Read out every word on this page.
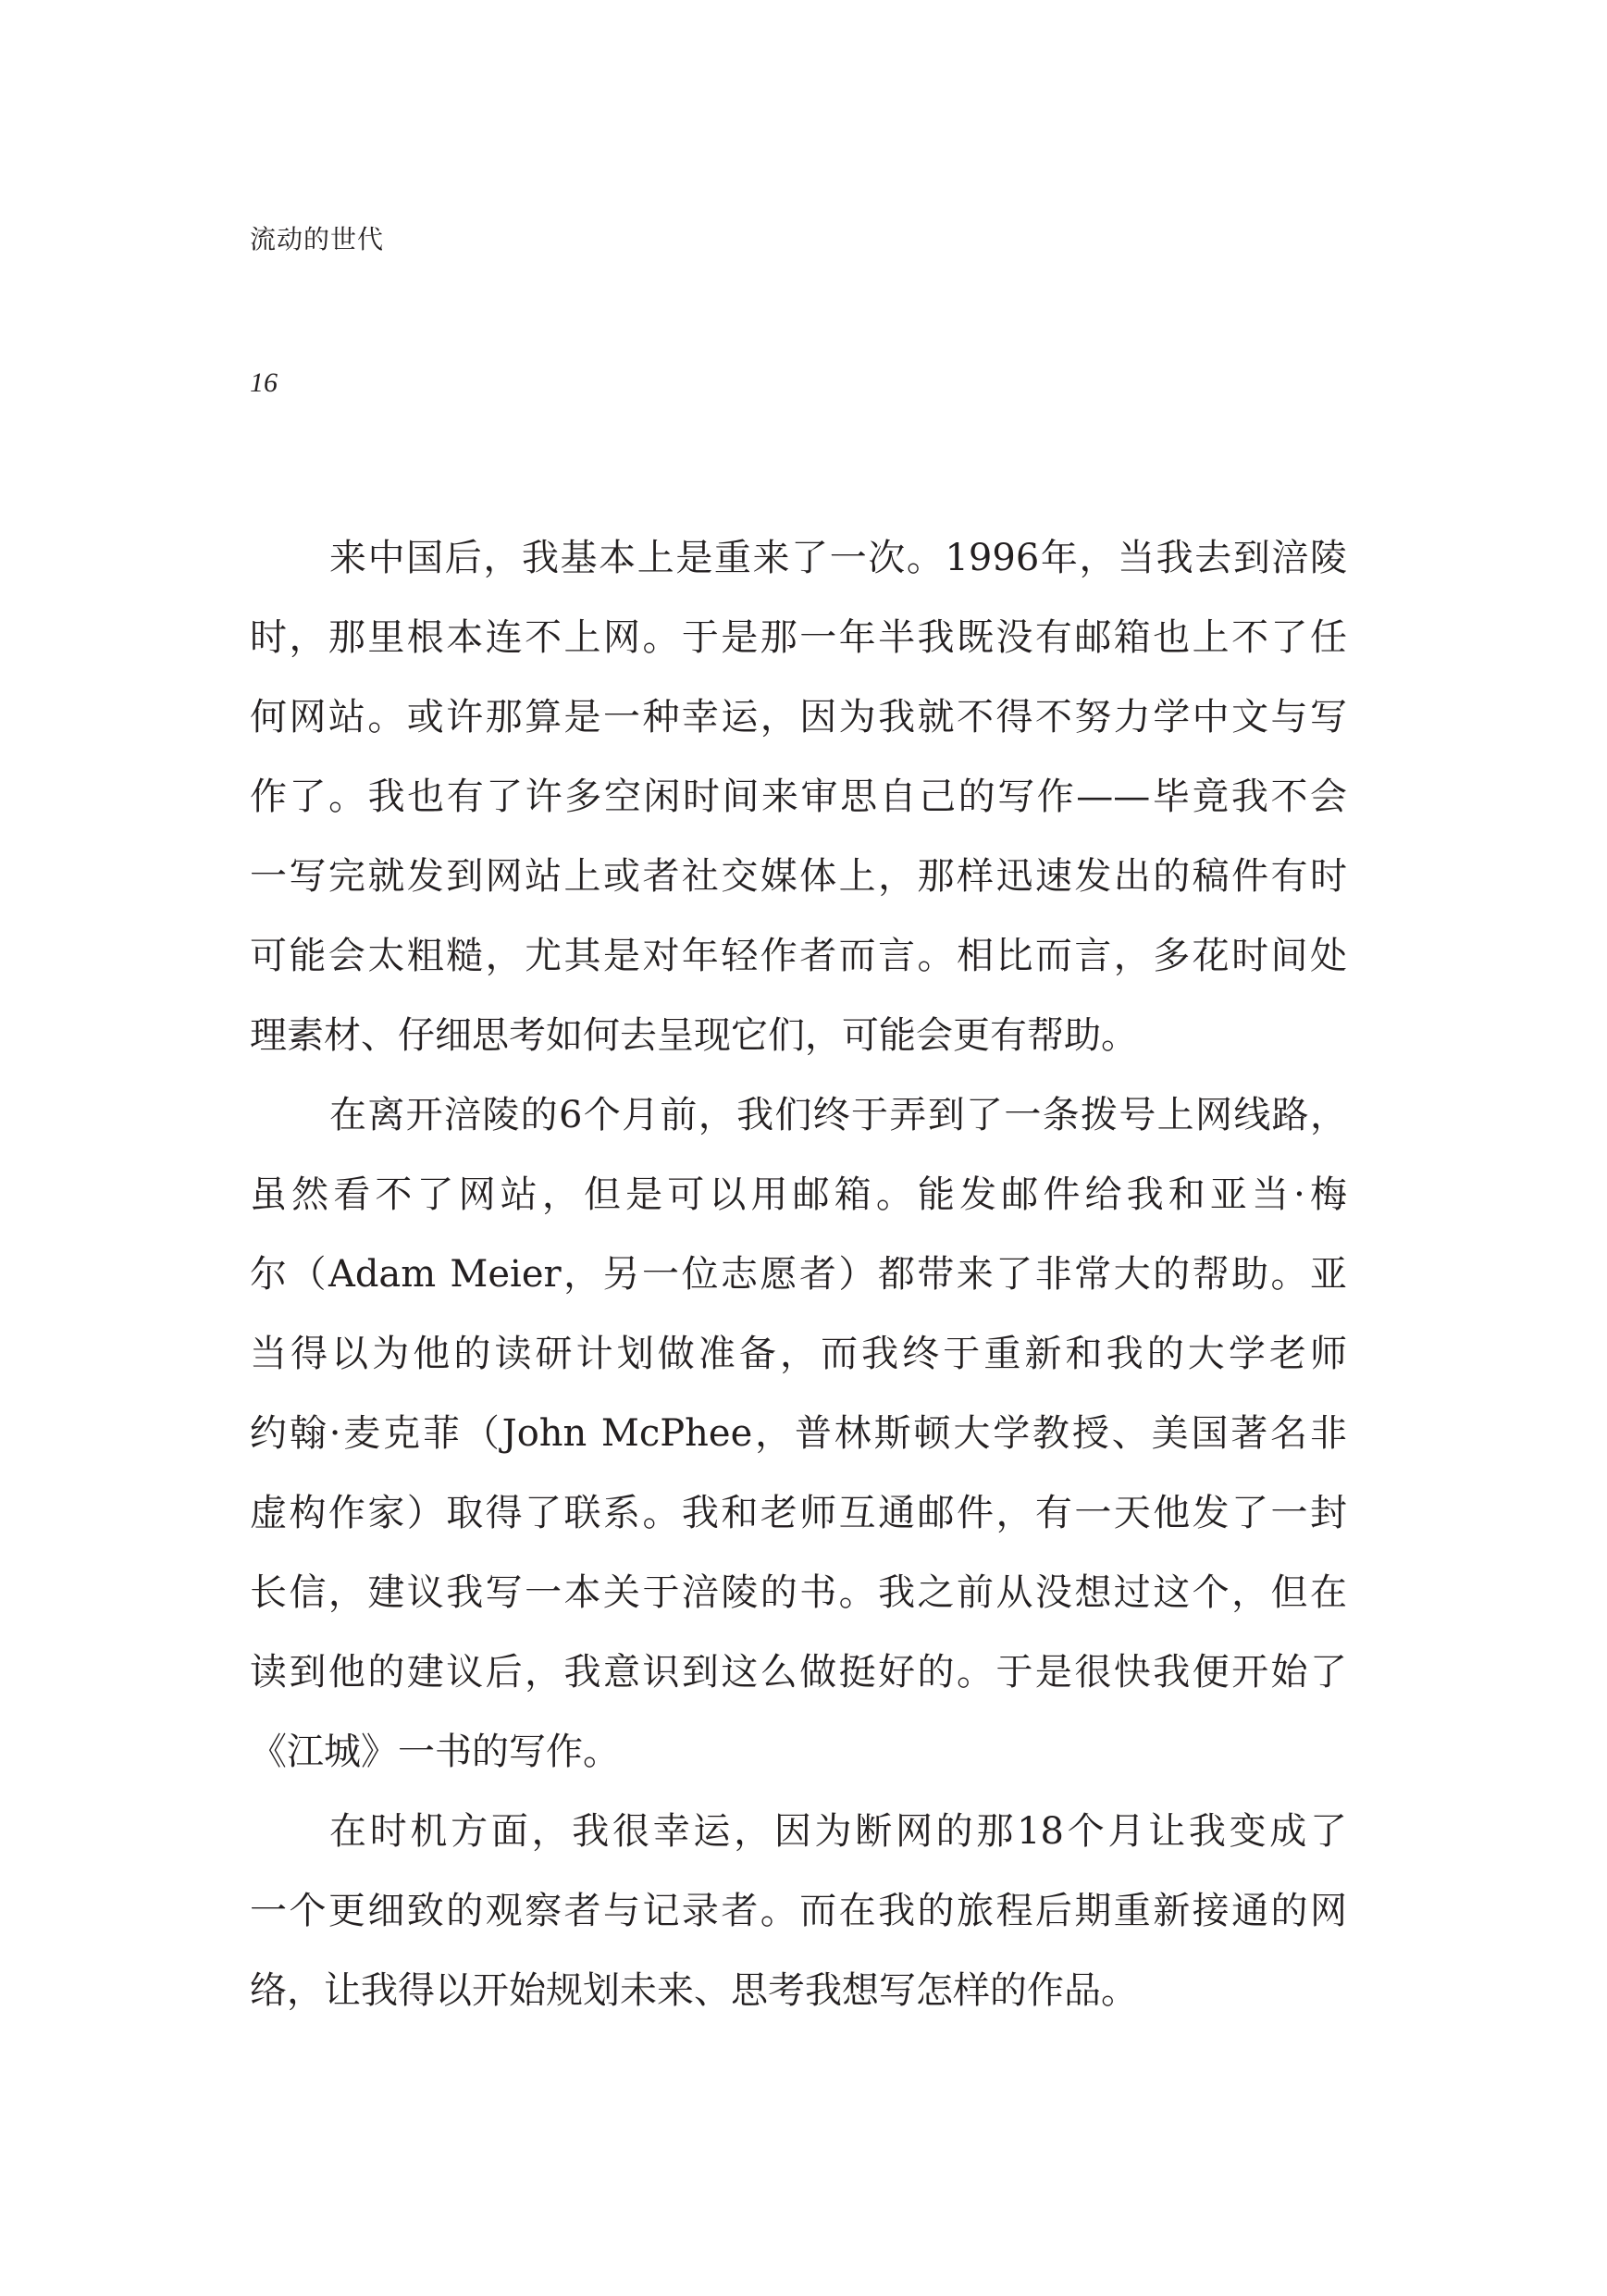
流动的世代
16
来中国后，我基本上是重来了一次。1996年，当我去到涪陵
时，那里根本连不上网。于是那一年半我既没有邮箱也上不了任
何网站。或许那算是一种幸运，因为我就不得不努力学中文与写
作了。我也有了许多空闲时间来审思自己的写作——毕竟我不会
一写完就发到网站上或者社交媒体上，那样迅速发出的稿件有时
可能会太粗糙，尤其是对年轻作者而言。相比而言，多花时间处
理素材、仔细思考如何去呈现它们，可能会更有帮助。
在离开涪陵的6个月前，我们终于弄到了一条拨号上网线路，
虽然看不了网站，但是可以用邮箱。能发邮件给我和亚当·梅
尔（Adam Meier，另一位志愿者）都带来了非常大的帮助。亚
当得以为他的读研计划做准备，而我终于重新和我的大学老师
约翰·麦克菲（John McPhee，普林斯顿大学教授、美国著名非
虚构作家）取得了联系。我和老师互通邮件，有一天他发了一封
长信，建议我写一本关于涪陵的书。我之前从没想过这个，但在
读到他的建议后，我意识到这么做挺好的。于是很快我便开始了
《江城》一书的写作。
在时机方面，我很幸运，因为断网的那18个月让我变成了
一个更细致的观察者与记录者。而在我的旅程后期重新接通的网
络，让我得以开始规划未来、思考我想写怎样的作品。
